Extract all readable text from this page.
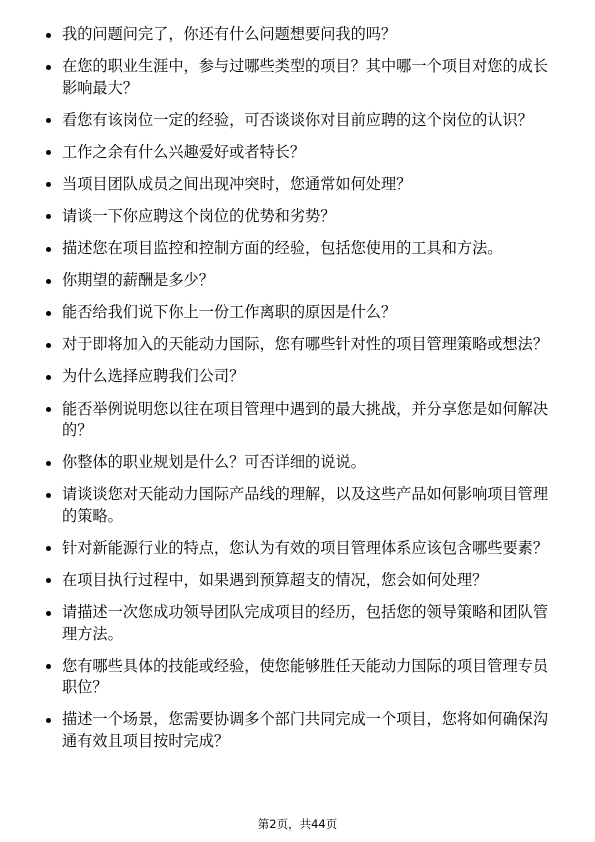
我的问题问完了，你还有什么问题想要问我的吗？
在您的职业生涯中，参与过哪些类型的项目？其中哪一个项目对您的成长影响最大？
看您有该岗位一定的经验，可否谈谈你对目前应聘的这个岗位的认识？
工作之余有什么兴趣爱好或者特长？
当项目团队成员之间出现冲突时，您通常如何处理？
请谈一下你应聘这个岗位的优势和劣势？
描述您在项目监控和控制方面的经验，包括您使用的工具和方法。
你期望的薪酬是多少？
能否给我们说下你上一份工作离职的原因是什么？
对于即将加入的天能动力国际，您有哪些针对性的项目管理策略或想法？
为什么选择应聘我们公司？
能否举例说明您以往在项目管理中遇到的最大挑战，并分享您是如何解决的？
你整体的职业规划是什么？可否详细的说说。
请谈谈您对天能动力国际产品线的理解，以及这些产品如何影响项目管理的策略。
针对新能源行业的特点，您认为有效的项目管理体系应该包含哪些要素？
在项目执行过程中，如果遇到预算超支的情况，您会如何处理？
请描述一次您成功领导团队完成项目的经历，包括您的领导策略和团队管理方法。
您有哪些具体的技能或经验，使您能够胜任天能动力国际的项目管理专员职位？
描述一个场景，您需要协调多个部门共同完成一个项目，您将如何确保沟通有效且项目按时完成？
第2页，共44页
